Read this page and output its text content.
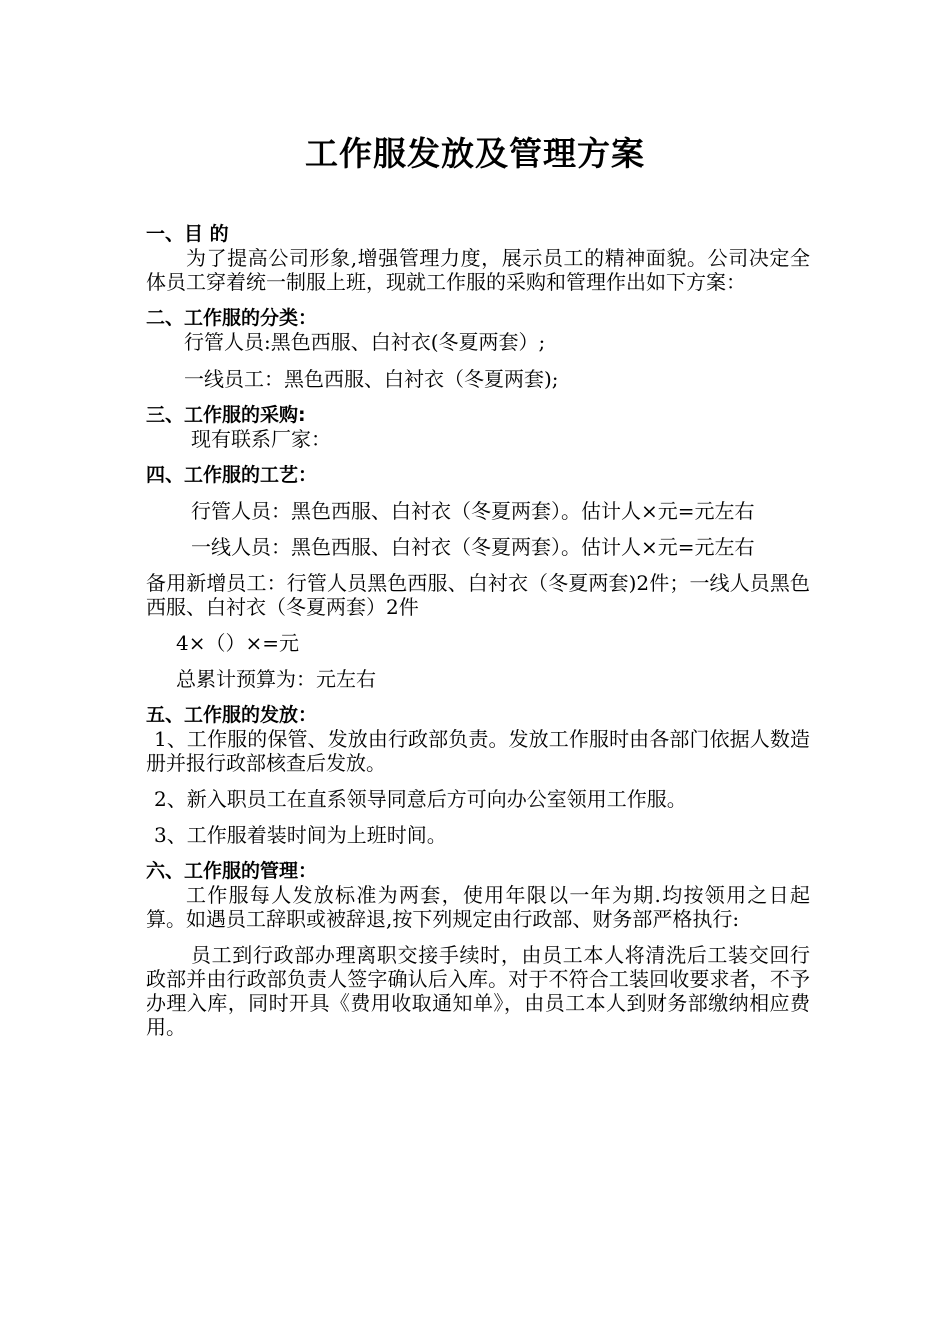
工作服发放及管理方案

一、目 的

为了提高公司形象,增强管理力度，展示员工的精神面貌。公司决定全体员工穿着统一制服上班，现就工作服的采购和管理作出如下方案：

二、工作服的分类：

行管人员:黑色西服、白衬衣(冬夏两套）;

一线员工：黑色西服、白衬衣（冬夏两套);

三、工作服的采购:

现有联系厂家：

四、工作服的工艺：

行管人员：黑色西服、白衬衣（冬夏两套）。估计人×元=元左右

一线人员：黑色西服、白衬衣（冬夏两套）。估计人×元=元左右

备用新增员工：行管人员黑色西服、白衬衣（冬夏两套)2件；一线人员黑色西服、白衬衣（冬夏两套）2件

4×（）×=元

总累计预算为：元左右

五、工作服的发放：

1、工作服的保管、发放由行政部负责。发放工作服时由各部门依据人数造册并报行政部核查后发放。

2、新入职员工在直系领导同意后方可向办公室领用工作服。

3、工作服着装时间为上班时间。

六、工作服的管理：

工作服每人发放标准为两套，使用年限以一年为期.均按领用之日起算。如遇员工辞职或被辞退,按下列规定由行政部、财务部严格执行:

员工到行政部办理离职交接手续时，由员工本人将清洗后工装交回行政部并由行政部负责人签字确认后入库。对于不符合工装回收要求者，不予办理入库，同时开具《费用收取通知单》，由员工本人到财务部缴纳相应费用。
